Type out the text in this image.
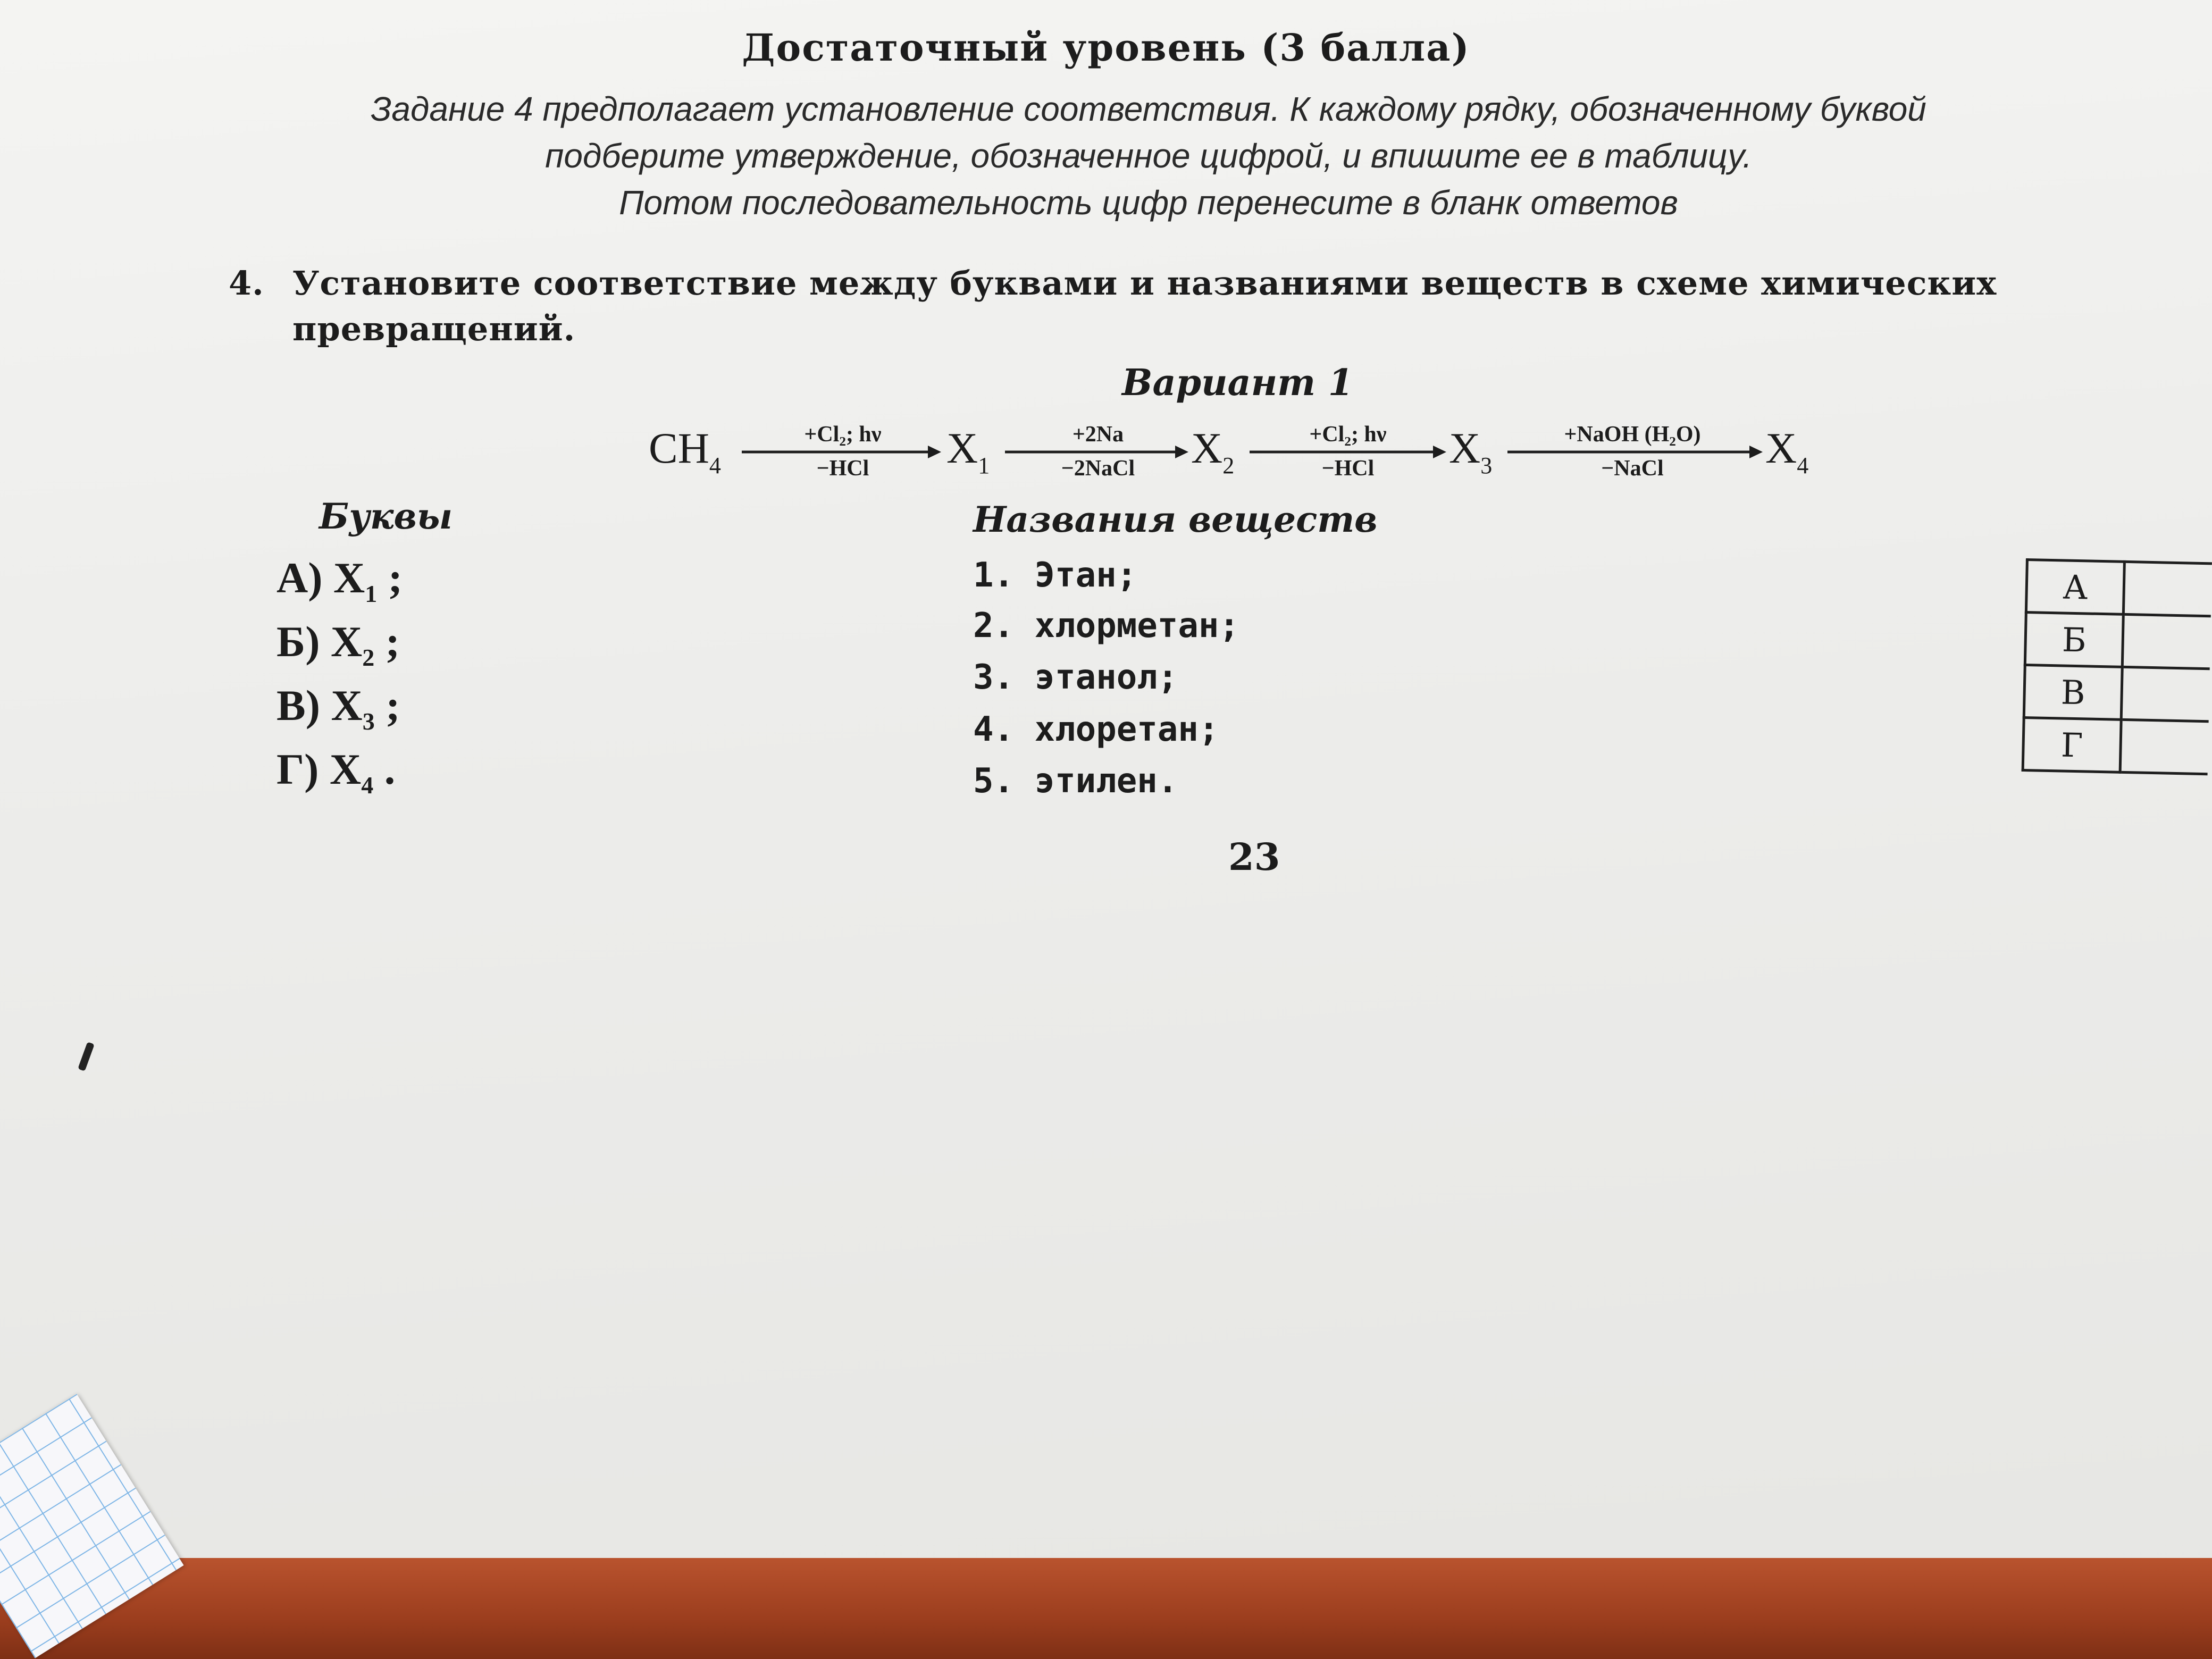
Достаточный уровень (3 балла)
Задание 4 предполагает установление соответствия. К каждому рядку, обозначенному буквой
подберите утверждение, обозначенное цифрой, и впишите ее в таблицу.
Потом последовательность цифр перенесите в бланк ответов
4. Установите соответствие между буквами и названиями веществ в схеме химических превращений.
Вариант 1
$CH_4$
+Cl₂; hν
−HCl $X_1$
+2Na
−2NaCl $X_2$
+Cl₂; hν
−HCl $X_3$
+NaOH (H₂O)
−NaCl $X_4$
Буквы	Названия веществ
А) $X_1$ ;
Б) $X_2$ ;
В) $X_3$ ;
Г) $X_4$ .
1. Этан;
2. хлорметан;
3. этанол;
4. хлоретан;
5. этилен.
А	
Б	
В	
Г	
23
